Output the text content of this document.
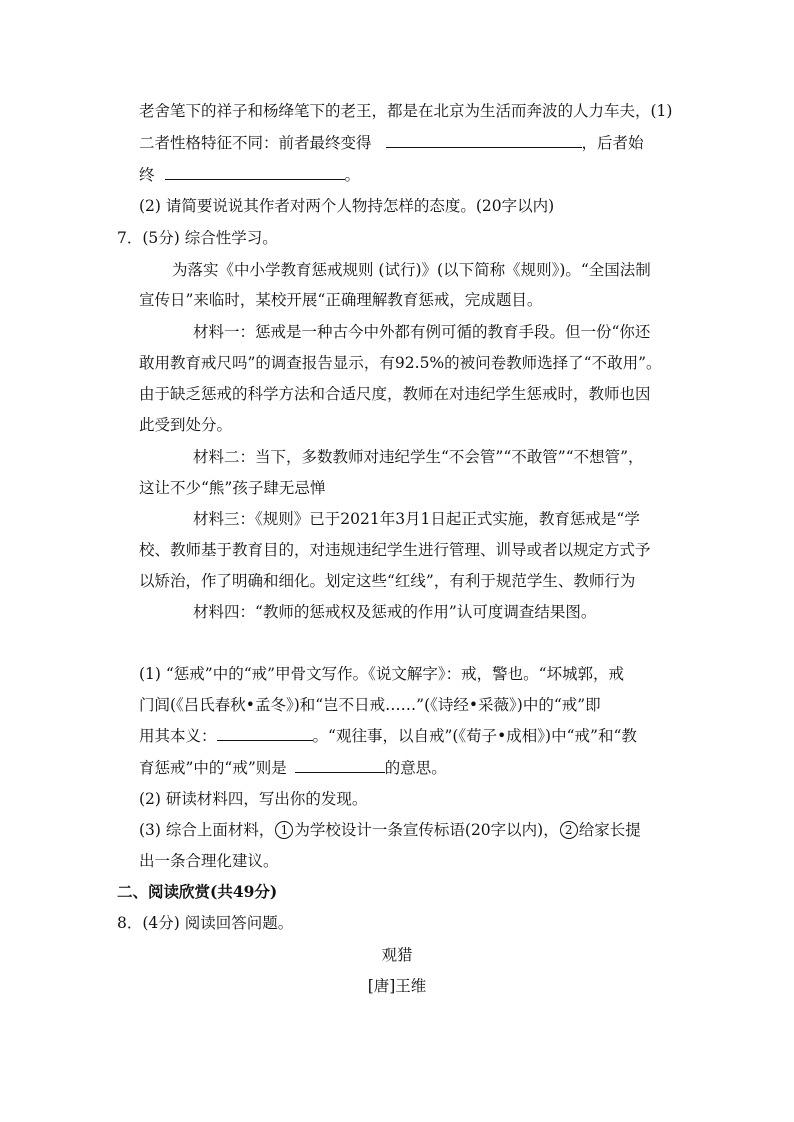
老舍笔下的祥子和杨绛笔下的老王，都是在北京为生活而奔波的人力车夫，(1)
二者性格特征不同：前者最终变得	，后者始
终	。
(2) 请简要说说其作者对两个人物持怎样的态度。(20字以内)
7．(5分) 综合性学习。
为落实《中小学教育惩戒规则 (试行)》(以下简称《规则》)。“全国法制
宣传日”来临时，某校开展“正确理解教育惩戒，完成题目。
材料一：惩戒是一种古今中外都有例可循的教育手段。但一份“你还
敢用教育戒尺吗”的调查报告显示，有92.5%的被问卷教师选择了“不敢用”。
由于缺乏惩戒的科学方法和合适尺度，教师在对违纪学生惩戒时，教师也因
此受到处分。
材料二：当下，多数教师对违纪学生“不会管”“不敢管”“不想管”，
这让不少“熊”孩子肆无忌惮
材料三：《规则》已于2021年3月1日起正式实施，教育惩戒是“学
校、教师基于教育目的，对违规违纪学生进行管理、训导或者以规定方式予
以矫治，作了明确和细化。划定这些“红线”，有利于规范学生、教师行为
材料四：“教师的惩戒权及惩戒的作用”认可度调查结果图。
(1) “惩戒”中的“戒”甲骨文写作。《说文解字》：戒，警也。“坏城郭，戒
门闾(《吕氏春秋•孟冬》)和“岂不日戒……”(《诗经•采薇》)中的“戒”即
用其本义：	。“观往事，以自戒”(《荀子•成相》)中“戒”和“教
育惩戒”中的“戒”则是	的意思。
(2) 研读材料四，写出你的发现。
(3) 综合上面材料， 1 为学校设计一条宣传标语(20字以内)， 2 给家长提
出一条合理化建议。
二、阅读欣赏(共49分)
8．(4分) 阅读回答问题。
观猎
[唐]王维
